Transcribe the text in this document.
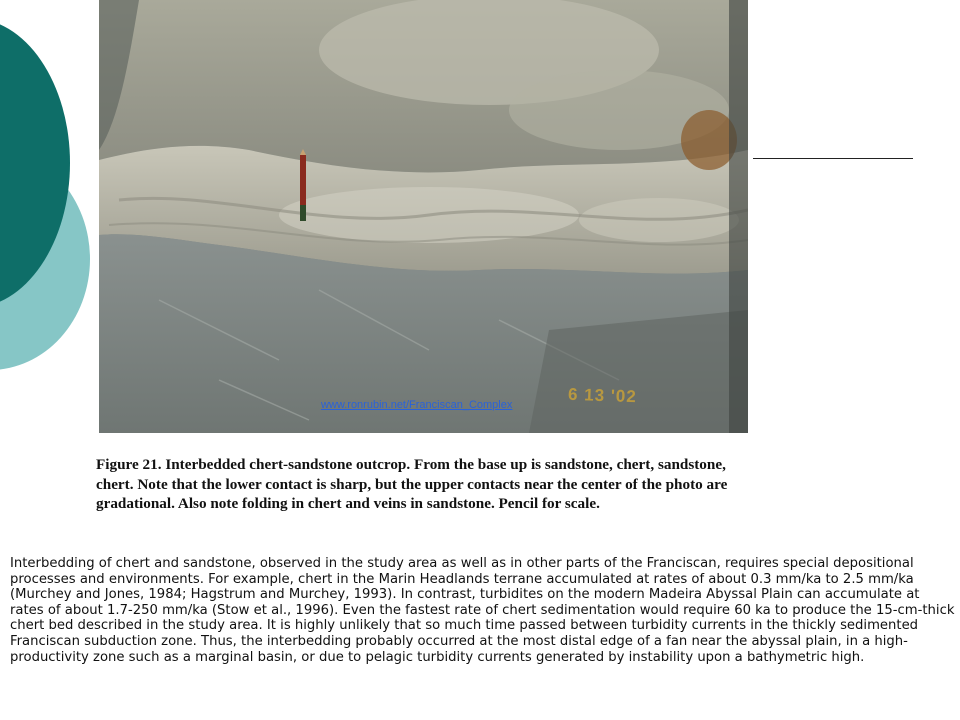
www.ronrubin.net/Franciscan_Complex	6 13 '02
Figure 21. Interbedded chert-sandstone outcrop. From the base up is sandstone, chert, sandstone, chert. Note that the lower contact is sharp, but the upper contacts near the center of the photo are gradational. Also note folding in chert and veins in sandstone. Pencil for scale.
Interbedding of chert and sandstone, observed in the study area as well as in other parts of the Franciscan, requires special depositional processes and environments. For example, chert in the Marin Headlands terrane accumulated at rates of about 0.3 mm/ka to 2.5 mm/ka (Murchey and Jones, 1984; Hagstrum and Murchey, 1993). In contrast, turbidites on the modern Madeira Abyssal Plain can accumulate at rates of about 1.7-250 mm/ka (Stow et al., 1996). Even the fastest rate of chert sedimentation would require 60 ka to produce the 15-cm-thick chert bed described in the study area. It is highly unlikely that so much time passed between turbidity currents in the thickly sedimented Franciscan subduction zone. Thus, the interbedding probably occurred at the most distal edge of a fan near the abyssal plain, in a high-productivity zone such as a marginal basin, or due to pelagic turbidity currents generated by instability upon a bathymetric high.
